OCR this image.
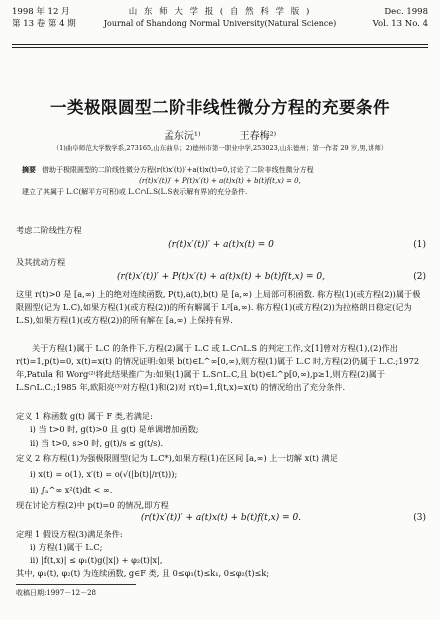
1998 年 12 月
第 13 卷 第 4 期
山 东 师 大 学 报 ( 自 然 科 学 版 )
Journal of Shandong Normal University(Natural Science)
Dec. 1998
Vol. 13 No. 4
一类极限圆型二阶非线性微分方程的充要条件
孟东沅¹⁾	王春梅²⁾
（1)曲阜师范大学数学系,273165,山东曲阜；2)德州市第一职业中学,253023,山东德州；第一作者 29 岁,男,讲师）
摘要 借助于极限圆型的二阶线性微分方程(r(t)x′(t))′+a(t)x(t)=0,讨论了二阶非线性微分方程
(r(t)x′(t))′ + P(t)x′(t) + a(t)x(t) + b(t)f(t,x) = 0,
建立了其属于 L.C(解平方可积)或 L.C∩L.S(L.S表示解有界)的充分条件.
考虑二阶线性方程
(r(t)x′(t))′ + a(t)x(t) = 0	(1)
及其扰动方程
(r(t)x′(t))′ + P(t)x′(t) + a(t)x(t) + b(t)f(t,x) = 0,	(2)
这里 r(t)>0 是 [a,∞) 上的绝对连续函数, P(t),a(t),b(t) 是 [a,∞) 上局部可积函数. 称方程(1)(或方程(2))属于极限圆型(记为 L.C),如果方程(1)(或方程(2))的所有解属于 L²[a,∞). 称方程(1)(或方程(2))为拉格朗日稳定(记为 L.S),如果方程(1)(或方程(2))的所有解在 [a,∞) 上保持有界.
关于方程(1)属于 L.C 的条件下,方程(2)属于 L.C 或 L.C∩L.S 的判定工作,文[1]曾对方程(1),(2)作出 r(t)=1,p(t)=0, x(t)=x(t) 的情况证明:如果 b(t)∈L^∞[0,∞),则方程(1)属于 L.C 时,方程(2)仍属于 L.C.;1972 年,Patula 和 Worg⁽²⁾将此结果推广为:如果(1)属于 L.S∩L.C,且 b(t)∈L^p[0,∞),p≥1,则方程(2)属于 L.S∩L.C.;1985 年,欧阳亮⁽³⁾对方程(1)和(2)对 r(t)=1,f(t,x)=x(t) 的情况给出了充分条件.
定义 1 称函数 g(t) 属于 F 类,若满足:
i) 当 t>0 时, g(t)>0 且 g(t) 是单调增加函数;
ii) 当 t>0, s>0 时, g(t)/s ≤ g(t/s).
定义 2 称方程(1)为强极限圆型(记为 L.C*),如果方程(1)在区间 [a,∞) 上一切解 x(t) 满足
i) x(t) = o(1), x′(t) = o(√(|b(t)|/r(t)));
ii) ∫ₐ^∞ x²(t)dt < ∞.
现在讨论方程(2)中 p(t)=0 的情况,即方程
(r(t)x′(t))′ + a(t)x(t) + b(t)f(t,x) = 0.	(3)
定理 1 假设方程(3)满足条件:
i) 方程(1)属于 L.C;
ii) |f(t,x)| ≤ φ₁(t)g(|x|) + φ₂(t)|x|,
其中, φ₁(t), φ₂(t) 为连续函数, g∈F 类, 且 0≤φ₁(t)≤k₁, 0≤φ₂(t)≤k;
收稿日期:1997－12－28
